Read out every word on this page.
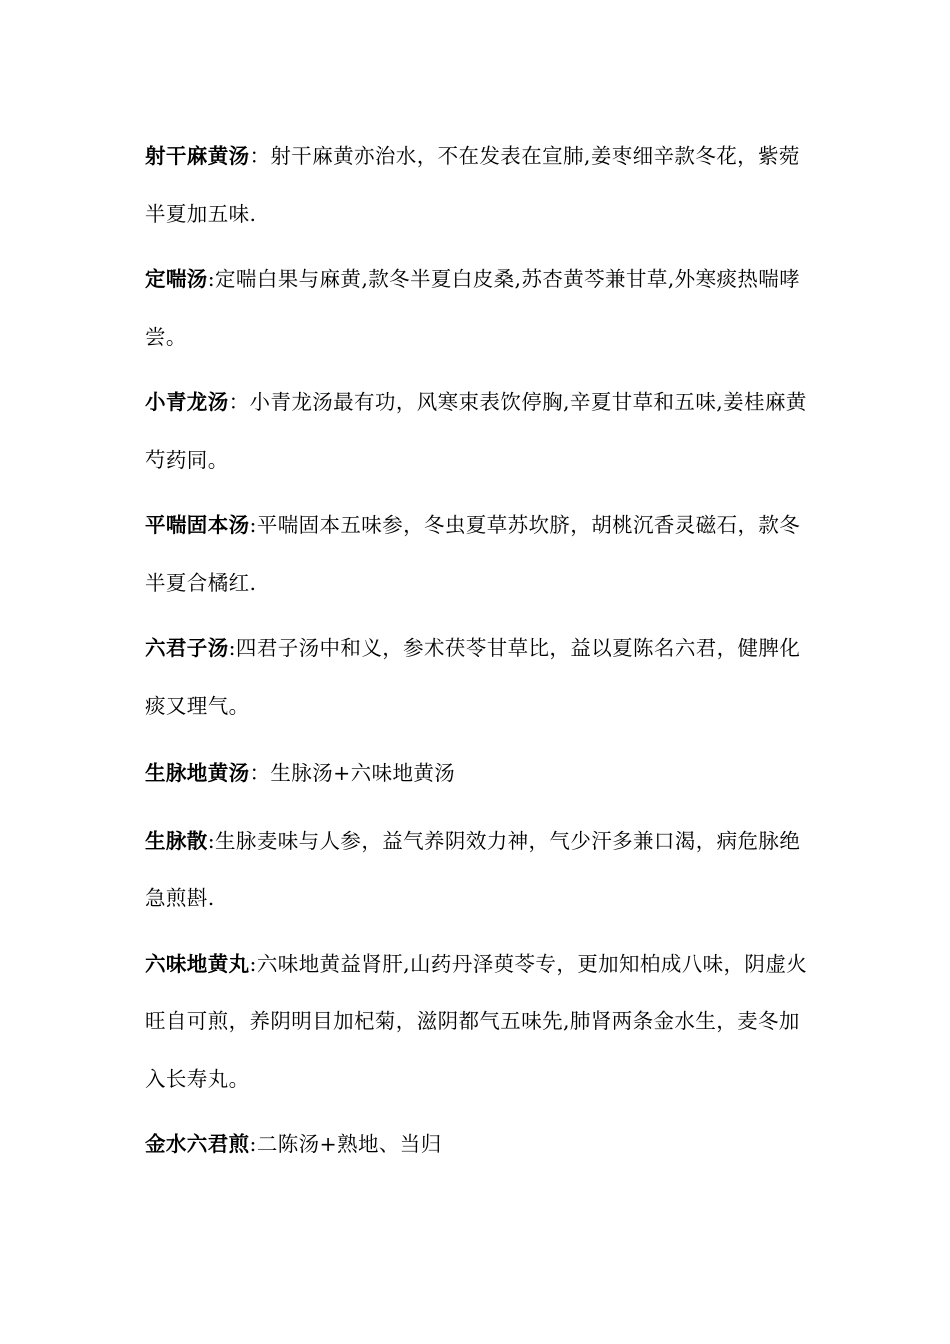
射干麻黄汤：射干麻黄亦治水，不在发表在宣肺,姜枣细辛款冬花，紫菀半夏加五味.

定喘汤:定喘白果与麻黄,款冬半夏白皮桑,苏杏黄芩兼甘草,外寒痰热喘哮尝。

小青龙汤：小青龙汤最有功，风寒束表饮停胸,辛夏甘草和五味,姜桂麻黄芍药同。

平喘固本汤:平喘固本五味参，冬虫夏草苏坎脐，胡桃沉香灵磁石，款冬半夏合橘红.

六君子汤:四君子汤中和义，参术茯苓甘草比，益以夏陈名六君，健脾化痰又理气。

生脉地黄汤：生脉汤+六味地黄汤

生脉散:生脉麦味与人参，益气养阴效力神，气少汗多兼口渴，病危脉绝急煎斟.

六味地黄丸:六味地黄益肾肝,山药丹泽萸苓专，更加知柏成八味，阴虚火旺自可煎，养阴明目加杞菊，滋阴都气五味先,肺肾两条金水生，麦冬加入长寿丸。

金水六君煎:二陈汤+熟地、当归
